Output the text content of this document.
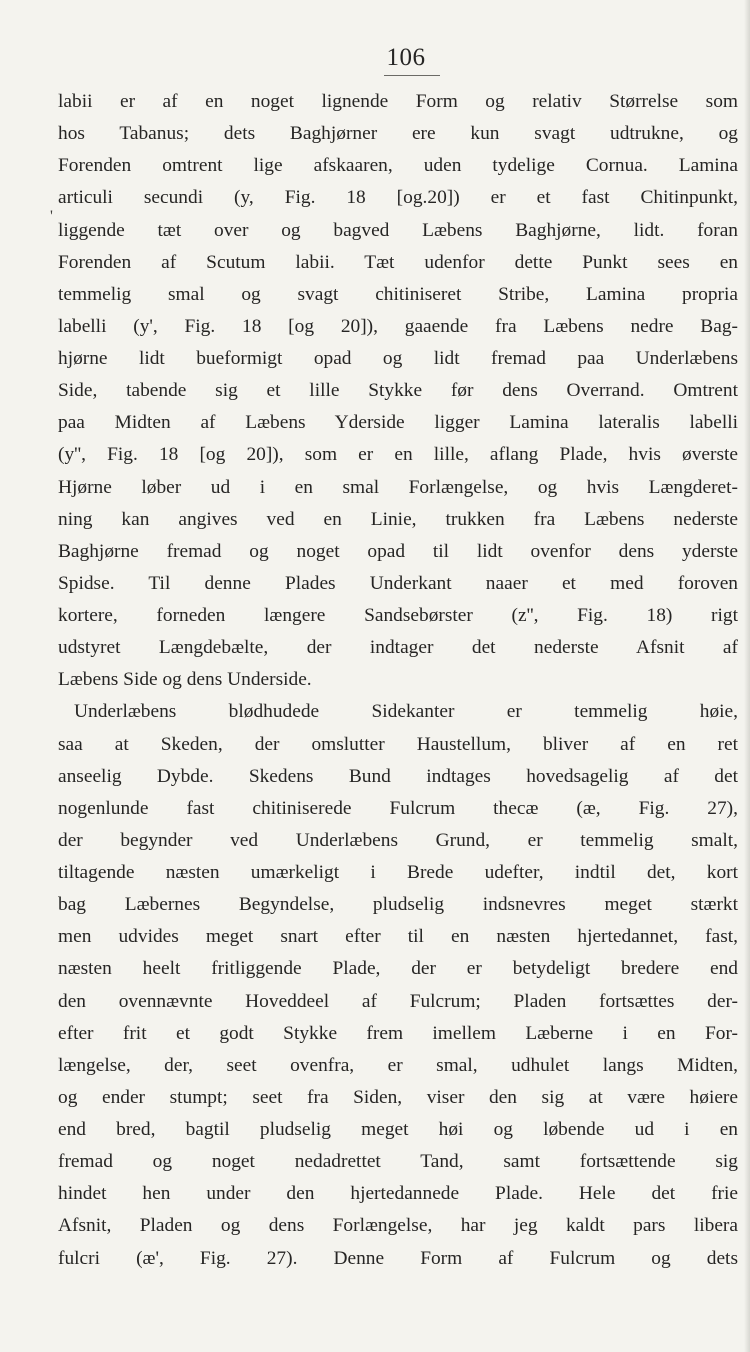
106
'
labii er af en noget lignende Form og relativ Størrelse som
hos Tabanus; dets Baghjørner ere kun svagt udtrukne, og
Forenden omtrent lige afskaaren, uden tydelige Cornua. Lamina
articuli secundi (y, Fig. 18 [og.20]) er et fast Chitinpunkt,
liggende tæt over og bagved Læbens Baghjørne, lidt. foran
Forenden af Scutum labii. Tæt udenfor dette Punkt sees en
temmelig smal og svagt chitiniseret Stribe, Lamina propria
labelli (y', Fig. 18 [og 20]), gaaende fra Læbens nedre Bag-
hjørne lidt bueformigt opad og lidt fremad paa Underlæbens
Side, tabende sig et lille Stykke før dens Overrand. Omtrent
paa Midten af Læbens Yderside ligger Lamina lateralis labelli
(y'', Fig. 18 [og 20]), som er en lille, aflang Plade, hvis øverste
Hjørne løber ud i en smal Forlængelse, og hvis Længderet-
ning kan angives ved en Linie, trukken fra Læbens nederste
Baghjørne fremad og noget opad til lidt ovenfor dens yderste
Spidse. Til denne Plades Underkant naaer et med foroven
kortere, forneden længere Sandsebørster (z'', Fig. 18) rigt
udstyret Længdebælte, der indtager det nederste Afsnit af
Læbens Side og dens Underside.
Underlæbens blødhudede Sidekanter er temmelig høie,
saa at Skeden, der omslutter Haustellum, bliver af en ret
anseelig Dybde. Skedens Bund indtages hovedsagelig af det
nogenlunde fast chitiniserede Fulcrum thecæ (æ, Fig. 27),
der begynder ved Underlæbens Grund, er temmelig smalt,
tiltagende næsten umærkeligt i Brede udefter, indtil det, kort
bag Læbernes Begyndelse, pludselig indsnevres meget stærkt
men udvides meget snart efter til en næsten hjertedannet, fast,
næsten heelt fritliggende Plade, der er betydeligt bredere end
den ovennævnte Hoveddeel af Fulcrum; Pladen fortsættes der-
efter frit et godt Stykke frem imellem Læberne i en For-
længelse, der, seet ovenfra, er smal, udhulet langs Midten,
og ender stumpt; seet fra Siden, viser den sig at være høiere
end bred, bagtil pludselig meget høi og løbende ud i en
fremad og noget nedadrettet Tand, samt fortsættende sig
hindet hen under den hjertedannede Plade. Hele det frie
Afsnit, Pladen og dens Forlængelse, har jeg kaldt pars libera
fulcri (æ', Fig. 27). Denne Form af Fulcrum og dets
